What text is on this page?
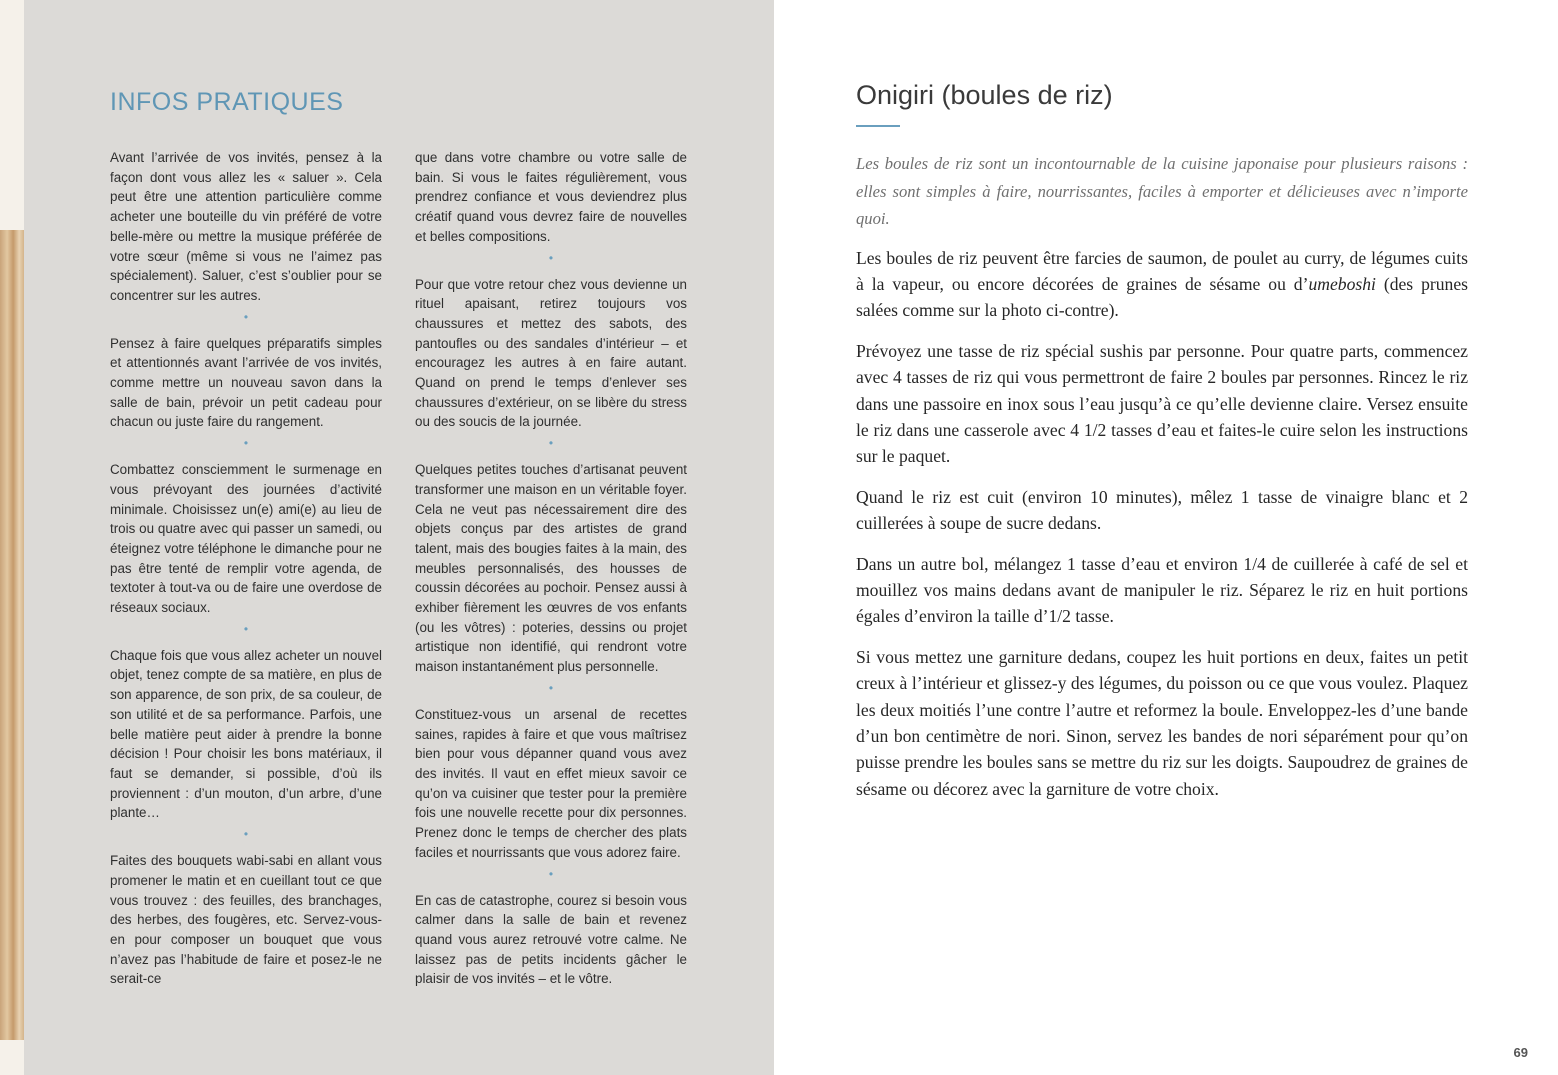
INFOS PRATIQUES

Avant l’arrivée de vos invités, pensez à la façon dont vous allez les « saluer ». Cela peut être une attention particulière comme acheter une bouteille du vin préféré de votre belle-mère ou mettre la musique préférée de votre sœur (même si vous ne l’aimez pas spécialement). Saluer, c’est s’oublier pour se concentrer sur les autres.

•

Pensez à faire quelques préparatifs simples et attentionnés avant l’arrivée de vos invités, comme mettre un nouveau savon dans la salle de bain, prévoir un petit cadeau pour chacun ou juste faire du rangement.

•

Combattez consciemment le surmenage en vous prévoyant des journées d’activité minimale. Choisissez un(e) ami(e) au lieu de trois ou quatre avec qui passer un samedi, ou éteignez votre téléphone le dimanche pour ne pas être tenté de remplir votre agenda, de textoter à tout-va ou de faire une overdose de réseaux sociaux.

•

Chaque fois que vous allez acheter un nouvel objet, tenez compte de sa matière, en plus de son apparence, de son prix, de sa couleur, de son utilité et de sa performance. Parfois, une belle matière peut aider à prendre la bonne décision ! Pour choisir les bons matériaux, il faut se demander, si possible, d’où ils proviennent : d’un mouton, d’un arbre, d’une plante…

•

Faites des bouquets wabi-sabi en allant vous promener le matin et en cueillant tout ce que vous trouvez : des feuilles, des branchages, des herbes, des fougères, etc. Servez-vous-en pour composer un bouquet que vous n’avez pas l’habitude de faire et posez-le ne serait-ce

que dans votre chambre ou votre salle de bain. Si vous le faites régulièrement, vous prendrez confiance et vous deviendrez plus créatif quand vous devrez faire de nouvelles et belles compositions.

•

Pour que votre retour chez vous devienne un rituel apaisant, retirez toujours vos chaussures et mettez des sabots, des pantoufles ou des sandales d’intérieur – et encouragez les autres à en faire autant. Quand on prend le temps d’enlever ses chaussures d’extérieur, on se libère du stress ou des soucis de la journée.

•

Quelques petites touches d’artisanat peuvent transformer une maison en un véritable foyer. Cela ne veut pas nécessairement dire des objets conçus par des artistes de grand talent, mais des bougies faites à la main, des meubles personnalisés, des housses de coussin décorées au pochoir. Pensez aussi à exhiber fièrement les œuvres de vos enfants (ou les vôtres) : poteries, dessins ou projet artistique non identifié, qui rendront votre maison instantanément plus personnelle.

•

Constituez-vous un arsenal de recettes saines, rapides à faire et que vous maîtrisez bien pour vous dépanner quand vous avez des invités. Il vaut en effet mieux savoir ce qu’on va cuisiner que tester pour la première fois une nouvelle recette pour dix personnes. Prenez donc le temps de chercher des plats faciles et nourrissants que vous adorez faire.

•

En cas de catastrophe, courez si besoin vous calmer dans la salle de bain et revenez quand vous aurez retrouvé votre calme. Ne laissez pas de petits incidents gâcher le plaisir de vos invités – et le vôtre.

Onigiri (boules de riz)

Les boules de riz sont un incontournable de la cuisine japonaise pour plusieurs raisons : elles sont simples à faire, nourrissantes, faciles à emporter et délicieuses avec n’importe quoi.

Les boules de riz peuvent être farcies de saumon, de poulet au curry, de légumes cuits à la vapeur, ou encore décorées de graines de sésame ou d’umeboshi (des prunes salées comme sur la photo ci-contre).

Prévoyez une tasse de riz spécial sushis par personne. Pour quatre parts, commencez avec 4 tasses de riz qui vous permettront de faire 2 boules par personnes. Rincez le riz dans une passoire en inox sous l’eau jusqu’à ce qu’elle devienne claire. Versez ensuite le riz dans une casserole avec 4 1/2 tasses d’eau et faites-le cuire selon les instructions sur le paquet.

Quand le riz est cuit (environ 10 minutes), mêlez 1 tasse de vinaigre blanc et 2 cuillerées à soupe de sucre dedans.

Dans un autre bol, mélangez 1 tasse d’eau et environ 1/4 de cuillerée à café de sel et mouillez vos mains dedans avant de manipuler le riz. Séparez le riz en huit portions égales d’environ la taille d’1/2 tasse.

Si vous mettez une garniture dedans, coupez les huit portions en deux, faites un petit creux à l’intérieur et glissez-y des légumes, du poisson ou ce que vous voulez. Plaquez les deux moitiés l’une contre l’autre et reformez la boule. Enveloppez-les d’une bande d’un bon centimètre de nori. Sinon, servez les bandes de nori séparément pour qu’on puisse prendre les boules sans se mettre du riz sur les doigts. Saupoudrez de graines de sésame ou décorez avec la garniture de votre choix.

69
